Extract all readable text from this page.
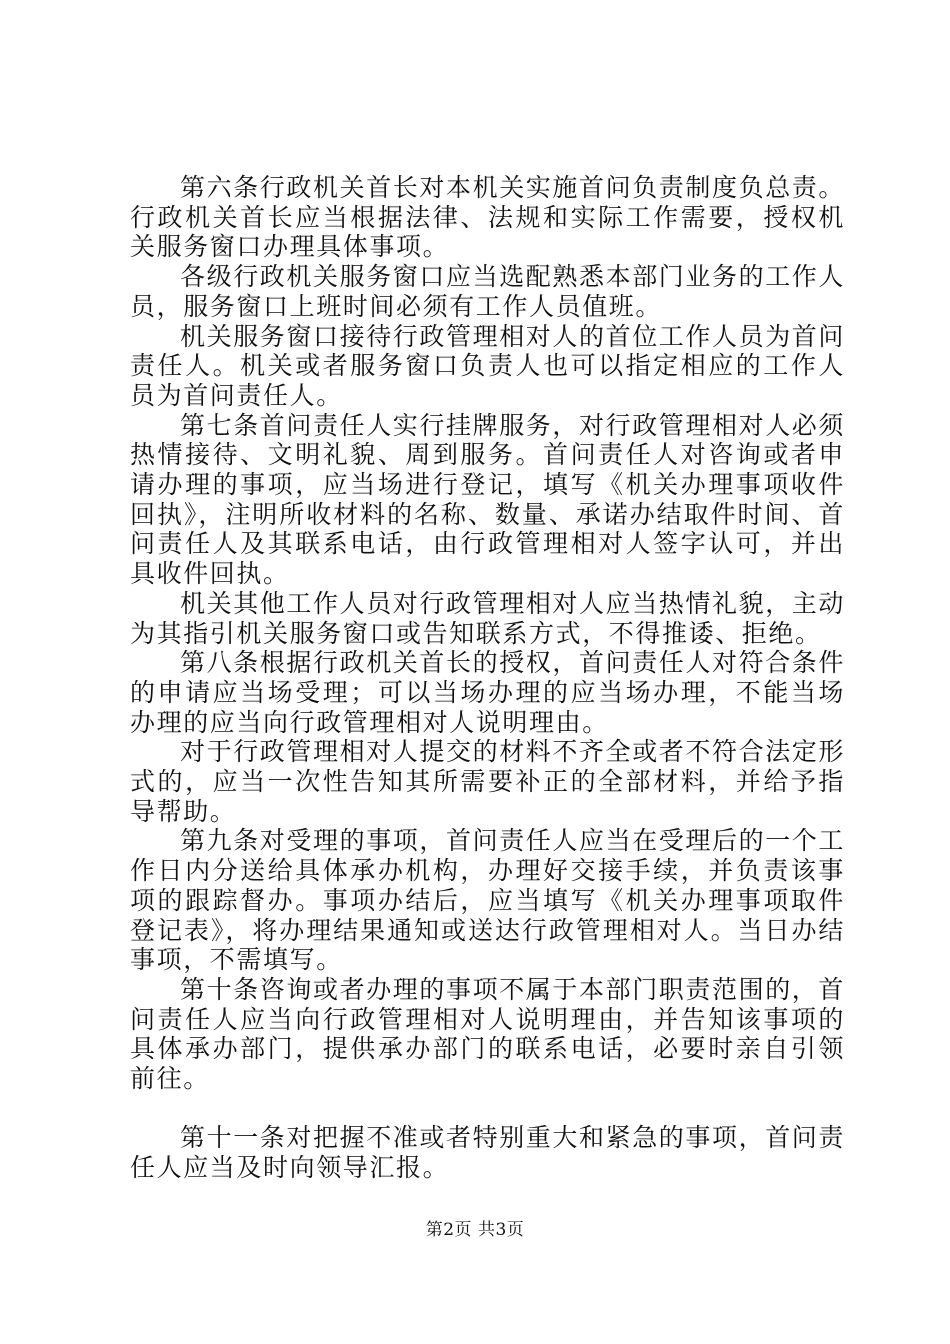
第六条行政机关首长对本机关实施首问负责制度负总责。行政机关首长应当根据法律、法规和实际工作需要，授权机关服务窗口办理具体事项。

各级行政机关服务窗口应当选配熟悉本部门业务的工作人员，服务窗口上班时间必须有工作人员值班。

机关服务窗口接待行政管理相对人的首位工作人员为首问责任人。机关或者服务窗口负责人也可以指定相应的工作人员为首问责任人。

第七条首问责任人实行挂牌服务，对行政管理相对人必须热情接待、文明礼貌、周到服务。首问责任人对咨询或者申请办理的事项，应当场进行登记，填写《机关办理事项收件回执》，注明所收材料的名称、数量、承诺办结取件时间、首问责任人及其联系电话，由行政管理相对人签字认可，并出具收件回执。

机关其他工作人员对行政管理相对人应当热情礼貌，主动为其指引机关服务窗口或告知联系方式，不得推诿、拒绝。

第八条根据行政机关首长的授权，首问责任人对符合条件的申请应当场受理；可以当场办理的应当场办理，不能当场办理的应当向行政管理相对人说明理由。

对于行政管理相对人提交的材料不齐全或者不符合法定形式的，应当一次性告知其所需要补正的全部材料，并给予指导帮助。

第九条对受理的事项，首问责任人应当在受理后的一个工作日内分送给具体承办机构，办理好交接手续，并负责该事项的跟踪督办。事项办结后，应当填写《机关办理事项取件登记表》，将办理结果通知或送达行政管理相对人。当日办结事项，不需填写。

第十条咨询或者办理的事项不属于本部门职责范围的，首问责任人应当向行政管理相对人说明理由，并告知该事项的具体承办部门，提供承办部门的联系电话，必要时亲自引领前往。

第十一条对把握不准或者特别重大和紧急的事项，首问责任人应当及时向领导汇报。

第2页 共3页
